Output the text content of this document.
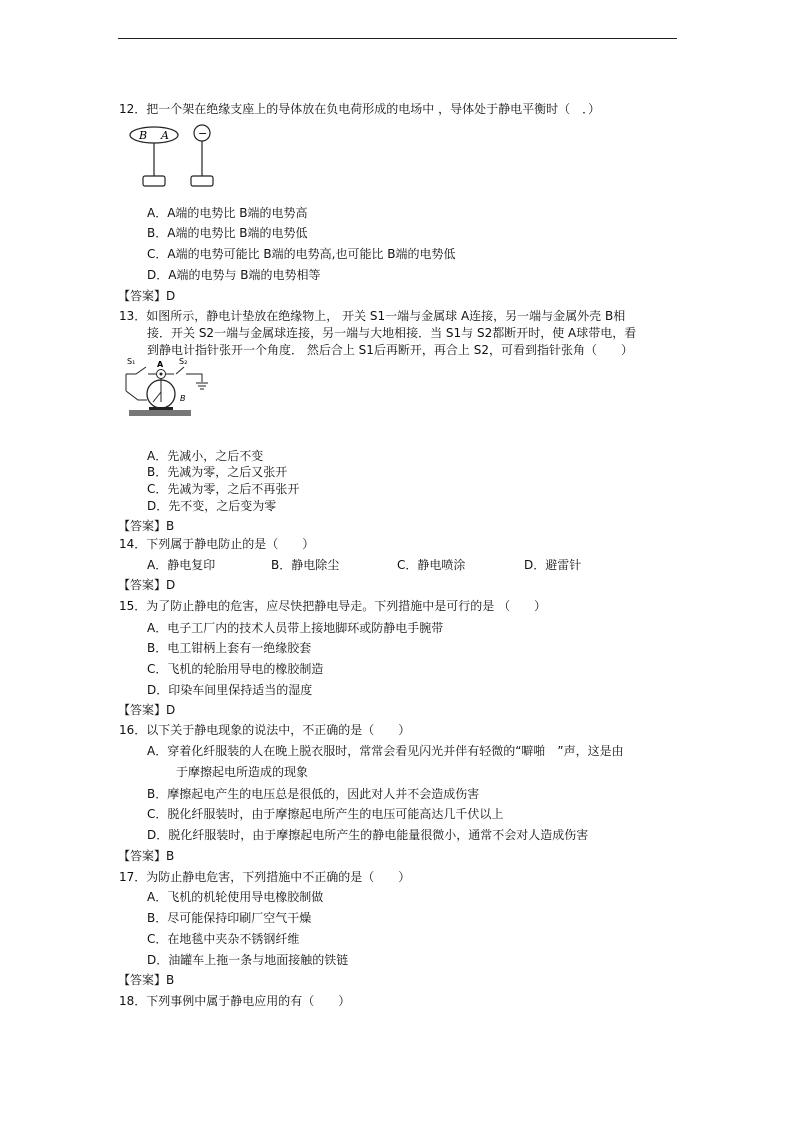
12．把一个架在绝缘支座上的导体放在负电荷形成的电场中 ，导体处于静电平衡时（　．）
B A	−
A．A端的电势比 B端的电势高
B．A端的电势比 B端的电势低
C．A端的电势可能比 B端的电势高,也可能比 B端的电势低
D．A端的电势与 B端的电势相等
【答案】D
13．如图所示，静电计垫放在绝缘物上， 开关 S1一端与金属球 A连接，另一端与金属外壳 B相
接．开关 S2一端与金属球连接，另一端与大地相接．当 S1与 S2都断开时，使 A球带电，看
到静电计指针张开一个角度． 然后合上 S1后再断开，再合上 S2，可看到指针张角（　　）
S₁	S₂
A
B
A．先减小，之后不变
B．先减为零，之后又张开
C．先减为零，之后不再张开
D．先不变，之后变为零
【答案】B
14．下列属于静电防止的是（　　）
A．静电复印	B．静电除尘	C．静电喷涂	D．避雷针
【答案】D
15．为了防止静电的危害，应尽快把静电导走。下列措施中是可行的是 （　　）
A．电子工厂内的技术人员带上接地脚环或防静电手腕带
B．电工钳柄上套有一绝缘胶套
C．飞机的轮胎用导电的橡胶制造
D．印染车间里保持适当的湿度
【答案】D
16．以下关于静电现象的说法中，不正确的是（　　）
A．穿着化纤服装的人在晚上脱衣服时，常常会看见闪光并伴有轻微的“噼啪　”声，这是由
于摩擦起电所造成的现象
B．摩擦起电产生的电压总是很低的，因此对人并不会造成伤害
C．脱化纤服装时，由于摩擦起电所产生的电压可能高达几千伏以上
D．脱化纤服装时，由于摩擦起电所产生的静电能量很微小，通常不会对人造成伤害
【答案】B
17．为防止静电危害，下列措施中不正确的是（　　）
A．飞机的机轮使用导电橡胶制做
B．尽可能保持印刷厂空气干燥
C．在地毯中夹杂不锈钢纤维
D．油罐车上拖一条与地面接触的铁链
【答案】B
18．下列事例中属于静电应用的有（　　）
